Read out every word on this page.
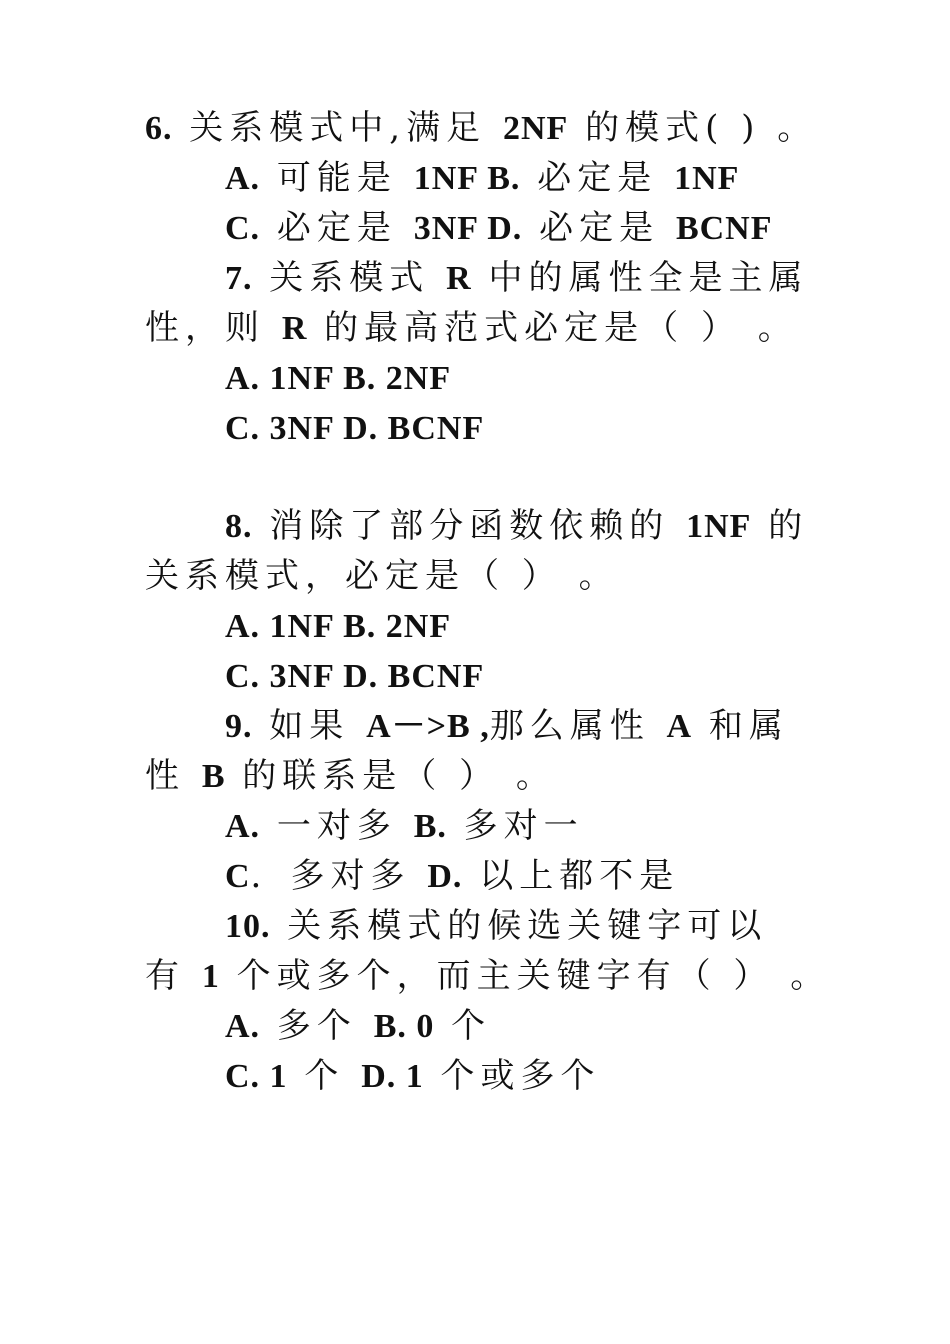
6. 关系模式中,满足 2NF 的模式( ) 。
A. 可能是 1NF B. 必定是 1NF
C. 必定是 3NF D. 必定是 BCNF
7. 关系模式 R 中的属性全是主属
性，则 R 的最高范式必定是（ ） 。
A. 1NF B. 2NF
C. 3NF D. BCNF
8. 消除了部分函数依赖的 1NF 的
关系模式，必定是（ ） 。
A. 1NF B. 2NF
C. 3NF D. BCNF
9. 如果 A－>B ,那么属性 A 和属
性 B 的联系是（ ） 。
A. 一对多 B. 多对一
C．多对多 D. 以上都不是
10. 关系模式的候选关键字可以
有 1 个或多个，而主关键字有（ ） 。
A. 多个 B. 0 个
C. 1 个 D. 1 个或多个
